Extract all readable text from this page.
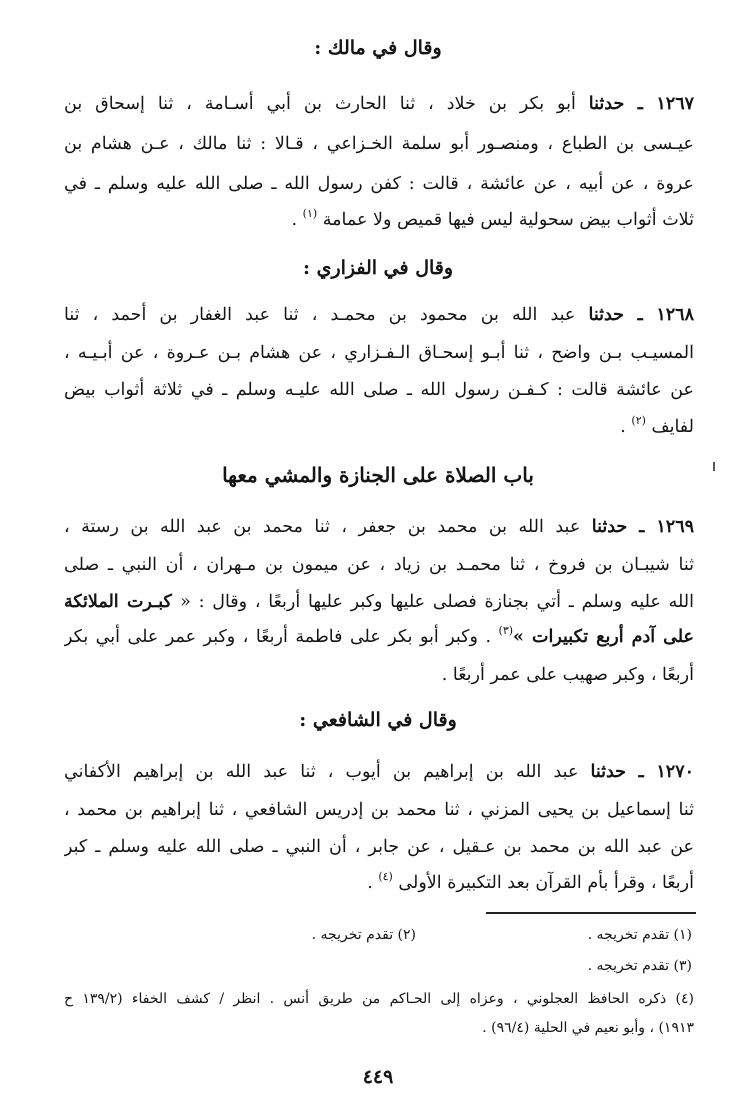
وقال في مالك :
١٢٦٧ ـ حدثنا أبو بكر بن خلاد ، ثنا الحارث بن أبي أسـامة ، ثنا إسحاق بن
عيـسى بن الطباع ، ومنصـور أبو سلمة الخـزاعي ، قـالا : ثنا مالك ، عـن هشام بن
عروة ، عن أبيه ، عن عائشة ، قالت : كفن رسول الله ـ صلى الله عليه وسلم ـ في
ثلاث أثواب بيض سحولية ليس فيها قميص ولا عمامة $^{(١)}$ .
وقال في الفزاري :
١٢٦٨ ـ حدثنا عبد الله بن محمود بن محمـد ، ثنا عبد الغفار بن أحمد ، ثنا
المسيـب بـن واضح ، ثنا أبـو إسحـاق الـفـزاري ، عن هشام بـن عـروة ، عن أبـيـه ،
عن عائشة قالت : كـفـن رسول الله ـ صلى الله عليـه وسلم ـ في ثلاثة أثواب بيض
لفايف $^{(٢)}$ .
باب الصلاة على الجنازة والمشي معها
١٢٦٩ ـ حدثنا عبد الله بن محمد بن جعفر ، ثنا محمد بن عبد الله بن رستة ،
ثنا شيبـان بن فروخ ، ثنا محمـد بن زياد ، عن ميمون بن مـهران ، أن النبي ـ صلى
الله عليه وسلم ـ أتي بجنازة فصلى عليها وكبر عليها أربعًا ، وقال : « كبـرت الملائكة
على آدم أربع تكبيرات »$^{(٣)}$ . وكبر أبو بكر على فاطمة أربعًا ، وكبر عمر على أبي بكر
أربعًا ، وكبر صهيب على عمر أربعًا .
وقال في الشافعي :
١٢٧٠ ـ حدثنا عبد الله بن إبراهيم بن أيوب ، ثنا عبد الله بن إبراهيم الأكفاني
ثنا إسماعيل بن يحيى المزني ، ثنا محمد بن إدريس الشافعي ، ثنا إبراهيم بن محمد ،
عن عبد الله بن محمد بن عـقيل ، عن جابر ، أن النبي ـ صلى الله عليه وسلم ـ كبر
أربعًا ، وقرأ بأم القرآن بعد التكبيرة الأولى $^{(٤)}$ .
(١) تقدم تخريجه .
(٢) تقدم تخريجه .
(٣) تقدم تخريجه .
(٤) ذكره الحافظ العجلوني ، وعزاه إلى الحـاكم من طريق أنس . انظر / كشف الخفاء (١٣٩/٢ ح
١٩١٣) ، وأبو نعيم في الحلية (٩٦/٤) .
٤٤٩
